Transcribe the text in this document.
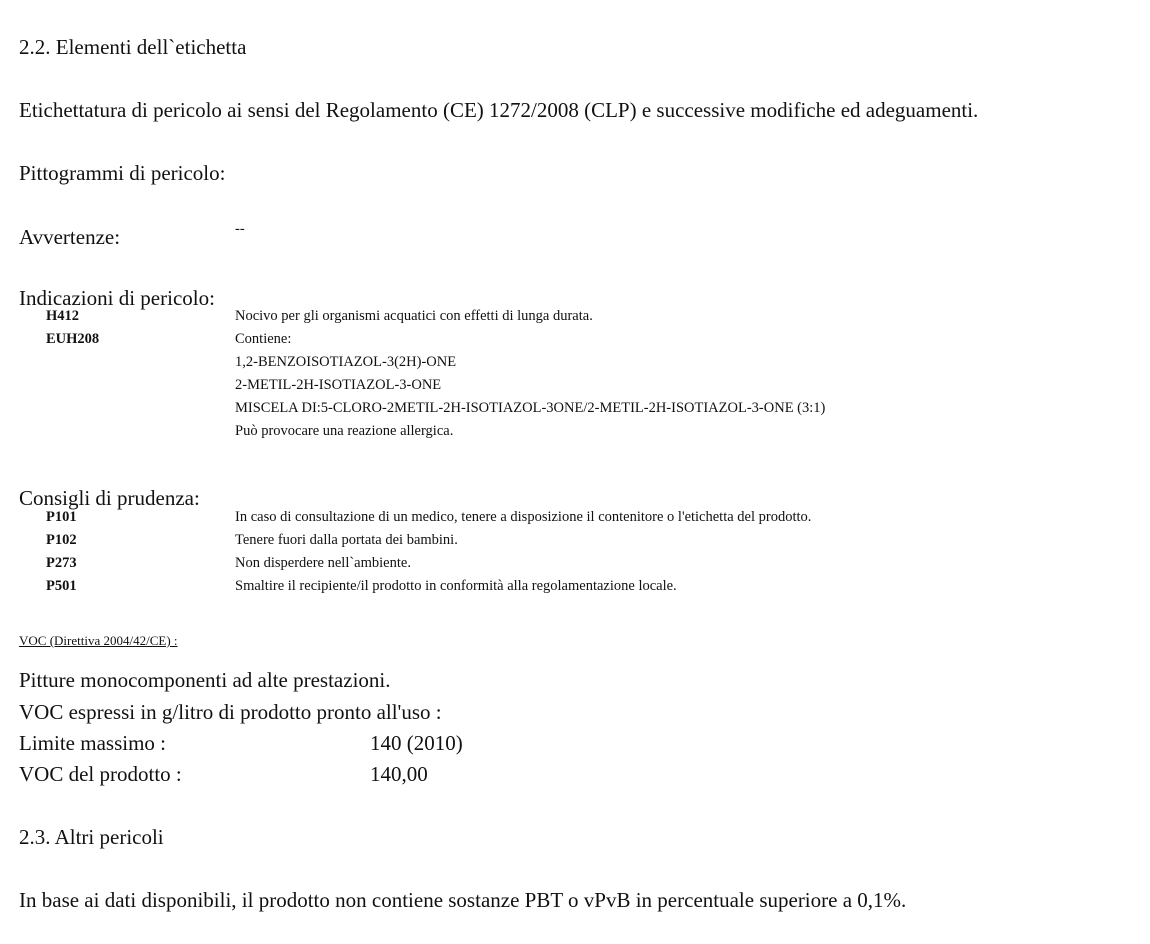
2.2. Elementi dell`etichetta
Etichettatura di pericolo ai sensi del Regolamento (CE) 1272/2008 (CLP) e successive modifiche ed adeguamenti.
Pittogrammi di pericolo:
Avvertenze:	--
Indicazioni di pericolo:
H412	Nocivo per gli organismi acquatici con effetti di lunga durata.
EUH208	Contiene:
1,2-BENZOISOTIAZOL-3(2H)-ONE
2-METIL-2H-ISOTIAZOL-3-ONE
MISCELA DI:5-CLORO-2METIL-2H-ISOTIAZOL-3ONE/2-METIL-2H-ISOTIAZOL-3-ONE (3:1)
Può provocare una reazione allergica.
Consigli di prudenza:
P101	In caso di consultazione di un medico, tenere a disposizione il contenitore o l'etichetta del prodotto.
P102	Tenere fuori dalla portata dei bambini.
P273	Non disperdere nell`ambiente.
P501	Smaltire il recipiente/il prodotto in conformità alla regolamentazione locale.
VOC (Direttiva 2004/42/CE) :
Pitture monocomponenti ad alte prestazioni.
VOC espressi in g/litro di prodotto pronto all'uso :
Limite massimo :	140 (2010)
VOC del prodotto :	140,00
2.3. Altri pericoli
In base ai dati disponibili, il prodotto non contiene sostanze PBT o vPvB in percentuale superiore a 0,1%.
